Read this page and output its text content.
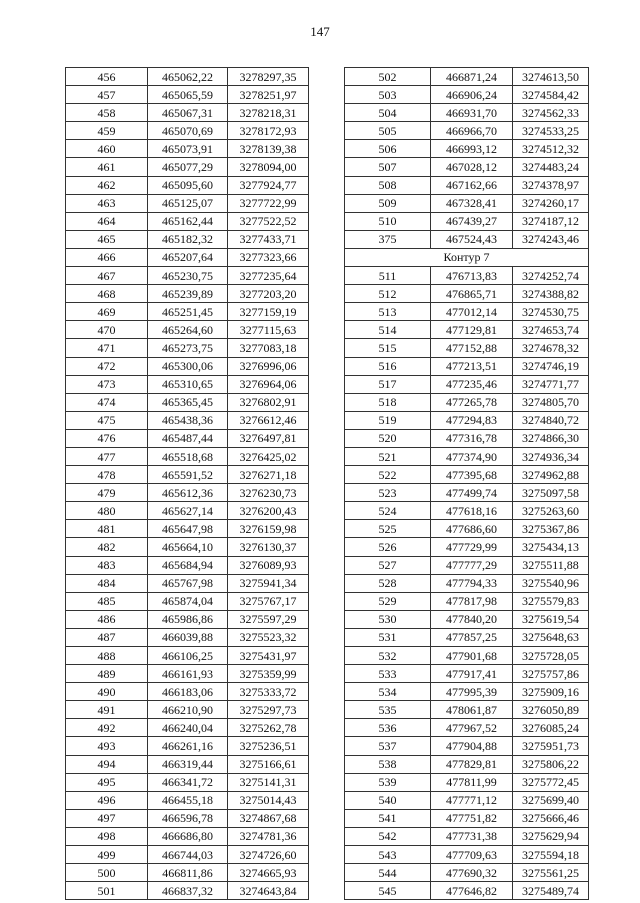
147
456	465062,22	3278297,35
457	465065,59	3278251,97
458	465067,31	3278218,31
459	465070,69	3278172,93
460	465073,91	3278139,38
461	465077,29	3278094,00
462	465095,60	3277924,77
463	465125,07	3277722,99
464	465162,44	3277522,52
465	465182,32	3277433,71
466	465207,64	3277323,66
467	465230,75	3277235,64
468	465239,89	3277203,20
469	465251,45	3277159,19
470	465264,60	3277115,63
471	465273,75	3277083,18
472	465300,06	3276996,06
473	465310,65	3276964,06
474	465365,45	3276802,91
475	465438,36	3276612,46
476	465487,44	3276497,81
477	465518,68	3276425,02
478	465591,52	3276271,18
479	465612,36	3276230,73
480	465627,14	3276200,43
481	465647,98	3276159,98
482	465664,10	3276130,37
483	465684,94	3276089,93
484	465767,98	3275941,34
485	465874,04	3275767,17
486	465986,86	3275597,29
487	466039,88	3275523,32
488	466106,25	3275431,97
489	466161,93	3275359,99
490	466183,06	3275333,72
491	466210,90	3275297,73
492	466240,04	3275262,78
493	466261,16	3275236,51
494	466319,44	3275166,61
495	466341,72	3275141,31
496	466455,18	3275014,43
497	466596,78	3274867,68
498	466686,80	3274781,36
499	466744,03	3274726,60
500	466811,86	3274665,93
501	466837,32	3274643,84
502	466871,24	3274613,50
503	466906,24	3274584,42
504	466931,70	3274562,33
505	466966,70	3274533,25
506	466993,12	3274512,32
507	467028,12	3274483,24
508	467162,66	3274378,97
509	467328,41	3274260,17
510	467439,27	3274187,12
375	467524,43	3274243,46
Контур 7		
511	476713,83	3274252,74
512	476865,71	3274388,82
513	477012,14	3274530,75
514	477129,81	3274653,74
515	477152,88	3274678,32
516	477213,51	3274746,19
517	477235,46	3274771,77
518	477265,78	3274805,70
519	477294,83	3274840,72
520	477316,78	3274866,30
521	477374,90	3274936,34
522	477395,68	3274962,88
523	477499,74	3275097,58
524	477618,16	3275263,60
525	477686,60	3275367,86
526	477729,99	3275434,13
527	477777,29	3275511,88
528	477794,33	3275540,96
529	477817,98	3275579,83
530	477840,20	3275619,54
531	477857,25	3275648,63
532	477901,68	3275728,05
533	477917,41	3275757,86
534	477995,39	3275909,16
535	478061,87	3276050,89
536	477967,52	3276085,24
537	477904,88	3275951,73
538	477829,81	3275806,22
539	477811,99	3275772,45
540	477771,12	3275699,40
541	477751,82	3275666,46
542	477731,38	3275629,94
543	477709,63	3275594,18
544	477690,32	3275561,25
545	477646,82	3275489,74
